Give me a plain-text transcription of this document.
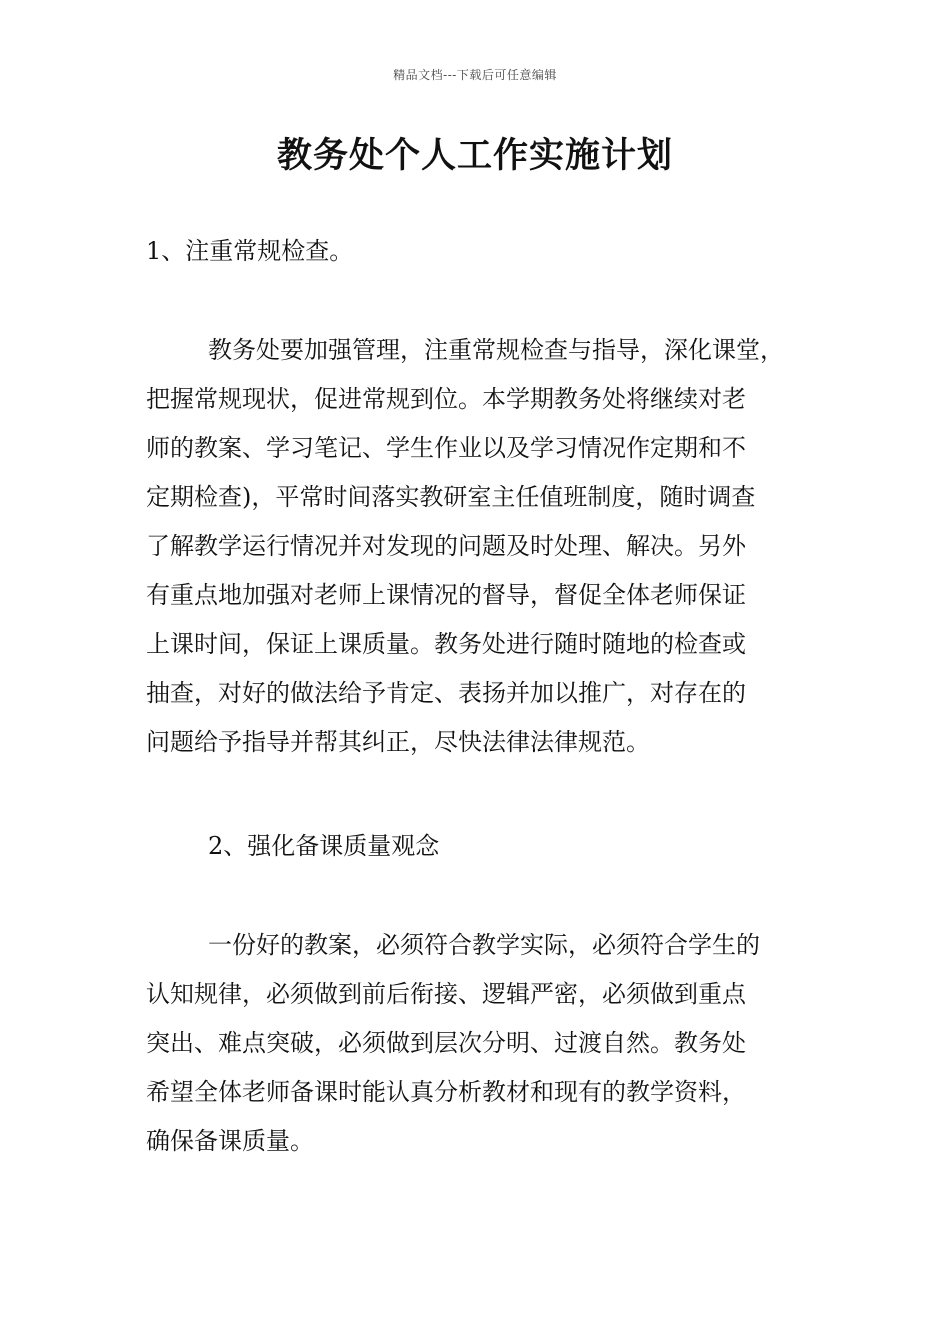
精品文档---下载后可任意编辑
教务处个人工作实施计划
1、注重常规检查。
教务处要加强管理，注重常规检查与指导，深化课堂，
把握常规现状，促进常规到位。本学期教务处将继续对老
师的教案、学习笔记、学生作业以及学习情况作定期和不
定期检查)，平常时间落实教研室主任值班制度，随时调查
了解教学运行情况并对发现的问题及时处理、解决。另外
有重点地加强对老师上课情况的督导，督促全体老师保证
上课时间，保证上课质量。教务处进行随时随地的检查或
抽查，对好的做法给予肯定、表扬并加以推广，对存在的
问题给予指导并帮其纠正，尽快法律法律规范。
2、强化备课质量观念
一份好的教案，必须符合教学实际，必须符合学生的
认知规律，必须做到前后衔接、逻辑严密，必须做到重点
突出、难点突破，必须做到层次分明、过渡自然。教务处
希望全体老师备课时能认真分析教材和现有的教学资料，
确保备课质量。
